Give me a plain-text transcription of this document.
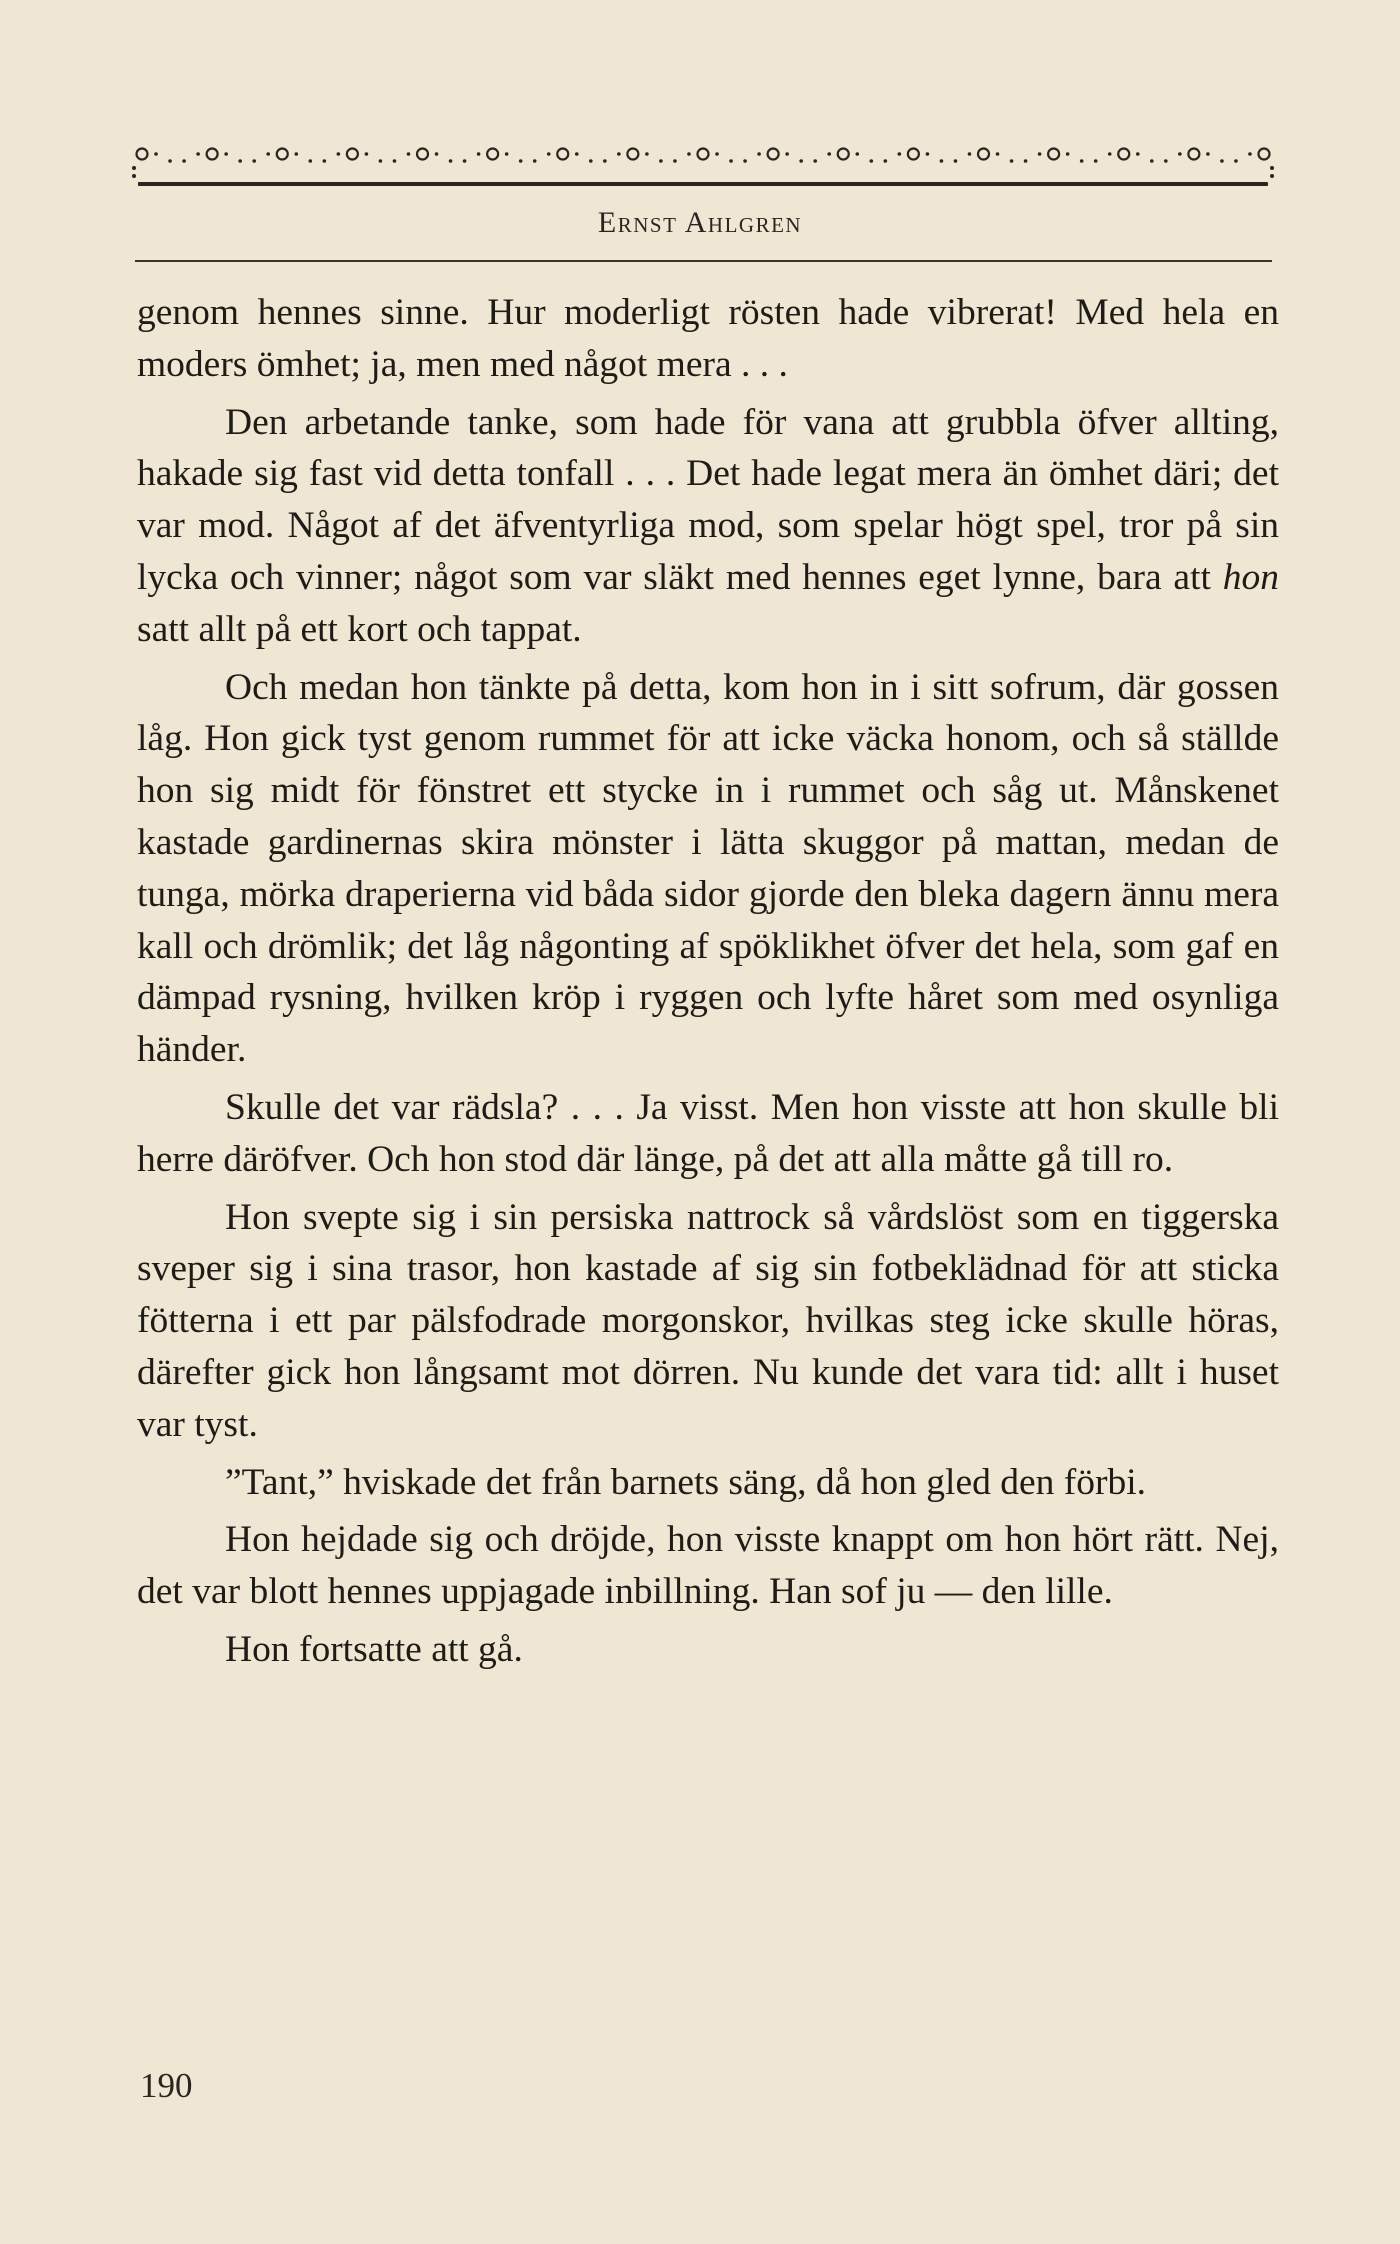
Ernst Ahlgren

genom hennes sinne. Hur moderligt rösten hade vibrerat! Med hela en moders ömhet; ja, men med något mera . . .

Den arbetande tanke, som hade för vana att grubbla öfver allting, hakade sig fast vid detta tonfall . . . Det hade legat mera än ömhet däri; det var mod. Något af det äfventyrliga mod, som spelar högt spel, tror på sin lycka och vinner; något som var släkt med hennes eget lynne, bara att hon satt allt på ett kort och tappat.

Och medan hon tänkte på detta, kom hon in i sitt sofrum, där gossen låg. Hon gick tyst genom rummet för att icke väcka honom, och så ställde hon sig midt för fönstret ett stycke in i rummet och såg ut. Månskenet kastade gardinernas skira mönster i lätta skuggor på mattan, medan de tunga, mörka draperierna vid båda sidor gjorde den bleka dagern ännu mera kall och drömlik; det låg någonting af spöklikhet öfver det hela, som gaf en dämpad rysning, hvilken kröp i ryggen och lyfte håret som med osynliga händer.

Skulle det var rädsla? . . . Ja visst. Men hon visste att hon skulle bli herre däröfver. Och hon stod där länge, på det att alla måtte gå till ro.

Hon svepte sig i sin persiska nattrock så vårdslöst som en tiggerska sveper sig i sina trasor, hon kastade af sig sin fotbeklädnad för att sticka fötterna i ett par pälsfodrade morgonskor, hvilkas steg icke skulle höras, därefter gick hon långsamt mot dörren. Nu kunde det vara tid: allt i huset var tyst.

”Tant,” hviskade det från barnets säng, då hon gled den förbi.

Hon hejdade sig och dröjde, hon visste knappt om hon hört rätt. Nej, det var blott hennes uppjagade inbillning. Han sof ju — den lille.

Hon fortsatte att gå.

190
